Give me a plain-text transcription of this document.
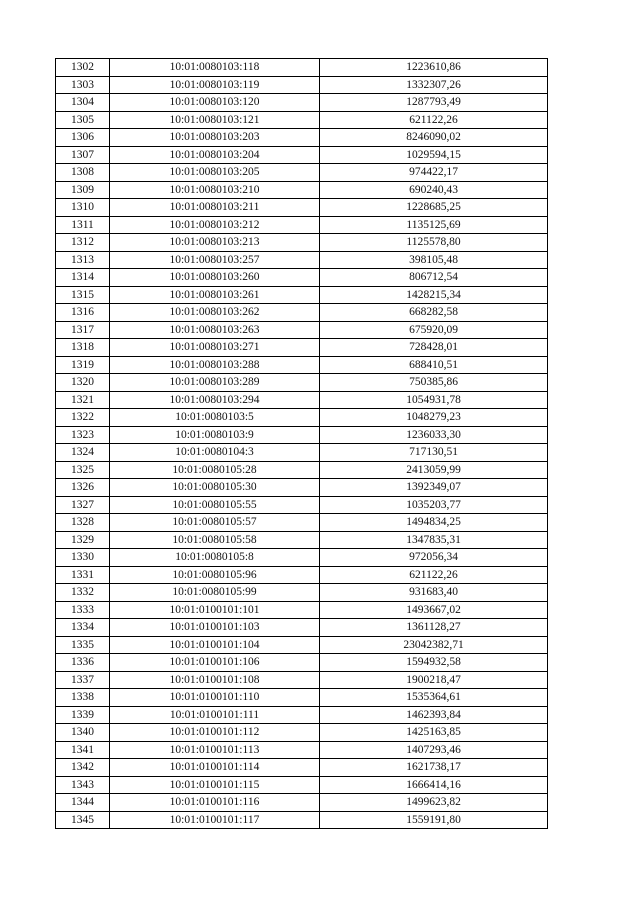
1302	10:01:0080103:118	1223610,86
1303	10:01:0080103:119	1332307,26
1304	10:01:0080103:120	1287793,49
1305	10:01:0080103:121	621122,26
1306	10:01:0080103:203	8246090,02
1307	10:01:0080103:204	1029594,15
1308	10:01:0080103:205	974422,17
1309	10:01:0080103:210	690240,43
1310	10:01:0080103:211	1228685,25
1311	10:01:0080103:212	1135125,69
1312	10:01:0080103:213	1125578,80
1313	10:01:0080103:257	398105,48
1314	10:01:0080103:260	806712,54
1315	10:01:0080103:261	1428215,34
1316	10:01:0080103:262	668282,58
1317	10:01:0080103:263	675920,09
1318	10:01:0080103:271	728428,01
1319	10:01:0080103:288	688410,51
1320	10:01:0080103:289	750385,86
1321	10:01:0080103:294	1054931,78
1322	10:01:0080103:5	1048279,23
1323	10:01:0080103:9	1236033,30
1324	10:01:0080104:3	717130,51
1325	10:01:0080105:28	2413059,99
1326	10:01:0080105:30	1392349,07
1327	10:01:0080105:55	1035203,77
1328	10:01:0080105:57	1494834,25
1329	10:01:0080105:58	1347835,31
1330	10:01:0080105:8	972056,34
1331	10:01:0080105:96	621122,26
1332	10:01:0080105:99	931683,40
1333	10:01:0100101:101	1493667,02
1334	10:01:0100101:103	1361128,27
1335	10:01:0100101:104	23042382,71
1336	10:01:0100101:106	1594932,58
1337	10:01:0100101:108	1900218,47
1338	10:01:0100101:110	1535364,61
1339	10:01:0100101:111	1462393,84
1340	10:01:0100101:112	1425163,85
1341	10:01:0100101:113	1407293,46
1342	10:01:0100101:114	1621738,17
1343	10:01:0100101:115	1666414,16
1344	10:01:0100101:116	1499623,82
1345	10:01:0100101:117	1559191,80
